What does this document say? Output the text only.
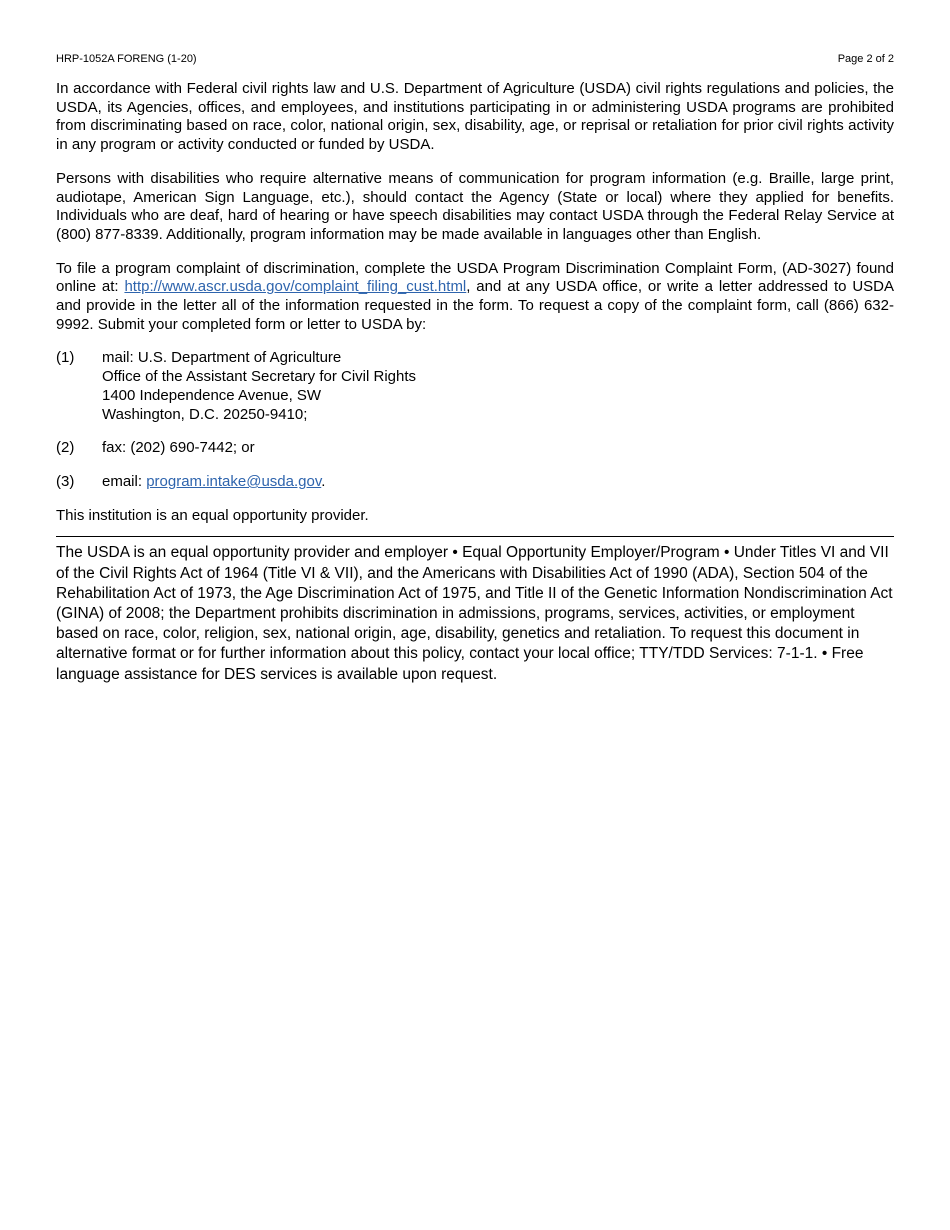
HRP-1052A FORENG (1-20)	Page 2 of 2

In accordance with Federal civil rights law and U.S. Department of Agriculture (USDA) civil rights regulations and policies, the USDA, its Agencies, offices, and employees, and institutions participating in or administering USDA programs are prohibited from discriminating based on race, color, national origin, sex, disability, age, or reprisal or retaliation for prior civil rights activity in any program or activity conducted or funded by USDA.

Persons with disabilities who require alternative means of communication for program information (e.g. Braille, large print, audiotape, American Sign Language, etc.), should contact the Agency (State or local) where they applied for benefits. Individuals who are deaf, hard of hearing or have speech disabilities may contact USDA through the Federal Relay Service at (800) 877-8339. Additionally, program information may be made available in languages other than English.

To file a program complaint of discrimination, complete the USDA Program Discrimination Complaint Form, (AD-3027) found online at: http://www.ascr.usda.gov/complaint_filing_cust.html, and at any USDA office, or write a letter addressed to USDA and provide in the letter all of the information requested in the form. To request a copy of the complaint form, call (866) 632-9992. Submit your completed form or letter to USDA by:

(1)	mail: U.S. Department of Agriculture
Office of the Assistant Secretary for Civil Rights
1400 Independence Avenue, SW
Washington, D.C. 20250-9410;
(2)	fax: (202) 690-7442; or
(3)	email: program.intake@usda.gov.

This institution is an equal opportunity provider.

The USDA is an equal opportunity provider and employer • Equal Opportunity Employer/Program • Under Titles VI and VII of the Civil Rights Act of 1964 (Title VI & VII), and the Americans with Disabilities Act of 1990 (ADA), Section 504 of the Rehabilitation Act of 1973, the Age Discrimination Act of 1975, and Title II of the Genetic Information Nondiscrimination Act (GINA) of 2008; the Department prohibits discrimination in admissions, programs, services, activities, or employment based on race, color, religion, sex, national origin, age, disability, genetics and retaliation. To request this document in alternative format or for further information about this policy, contact your local office; TTY/TDD Services: 7-1-1. • Free language assistance for DES services is available upon request.
